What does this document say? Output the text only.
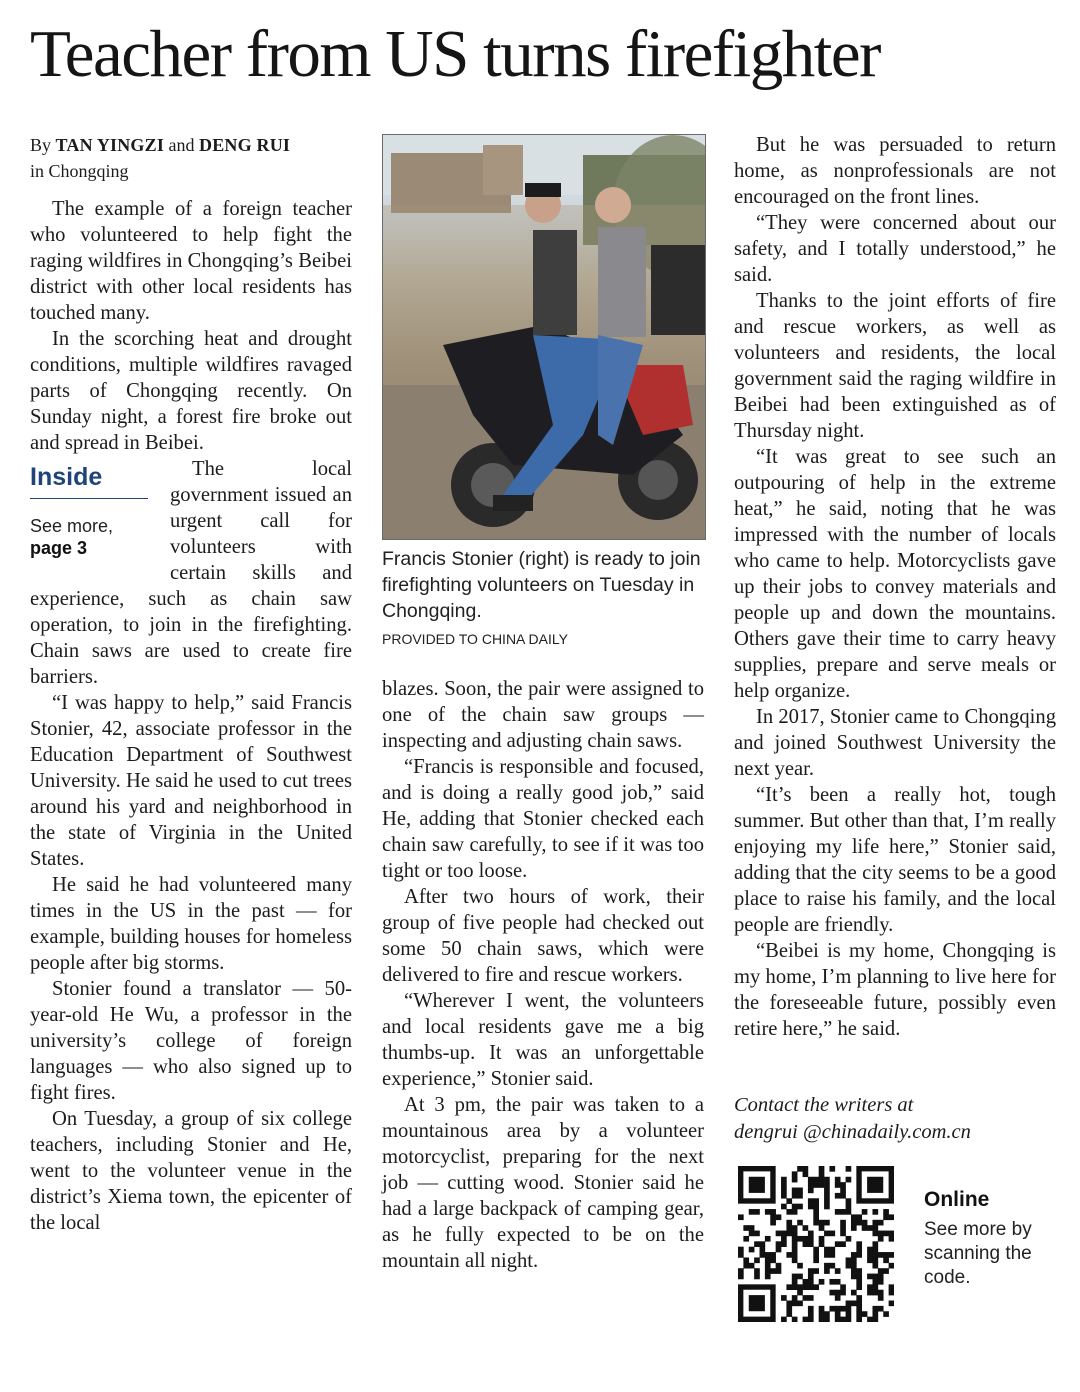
Teacher from US turns firefighter
By TAN YINGZI and DENG RUI
in Chongqing

The example of a foreign teacher who volunteered to help fight the raging wildfires in Chongqing’s Beibei district with other local residents has touched many.

In the scorching heat and drought conditions, multiple wildfires ravaged parts of Chongqing recently. On Sunday night, a forest fire broke out and spread in Beibei.

Inside
See more,
page 3

The local government issued an urgent call for volunteers with certain skills and experience, such as chain saw operation, to join in the firefighting. Chain saws are used to create fire barriers.

“I was happy to help,” said Francis Stonier, 42, associate professor in the Education Department of Southwest University. He said he used to cut trees around his yard and neighborhood in the state of Virginia in the United States.

He said he had volunteered many times in the US in the past — for example, building houses for homeless people after big storms.

Stonier found a translator — 50-year-old He Wu, a professor in the university’s college of foreign languages — who also signed up to fight fires.

On Tuesday, a group of six college teachers, including Stonier and He, went to the volunteer venue in the district’s Xiema town, the epicenter of the local

Francis Stonier (right) is ready to join firefighting volunteers on Tuesday in Chongqing.
PROVIDED TO CHINA DAILY

blazes. Soon, the pair were assigned to one of the chain saw groups — inspecting and adjusting chain saws.

“Francis is responsible and focused, and is doing a really good job,” said He, adding that Stonier checked each chain saw carefully, to see if it was too tight or too loose.

After two hours of work, their group of five people had checked out some 50 chain saws, which were delivered to fire and rescue workers.

“Wherever I went, the volunteers and local residents gave me a big thumbs-up. It was an unforgettable experience,” Stonier said.

At 3 pm, the pair was taken to a mountainous area by a volunteer motorcyclist, preparing for the next job — cutting wood. Stonier said he had a large backpack of camping gear, as he fully expected to be on the mountain all night.

But he was persuaded to return home, as nonprofessionals are not encouraged on the front lines.

“They were concerned about our safety, and I totally understood,” he said.

Thanks to the joint efforts of fire and rescue workers, as well as volunteers and residents, the local government said the raging wildfire in Beibei had been extinguished as of Thursday night.

“It was great to see such an outpouring of help in the extreme heat,” he said, noting that he was impressed with the number of locals who came to help. Motorcyclists gave up their jobs to convey materials and people up and down the mountains. Others gave their time to carry heavy supplies, prepare and serve meals or help organize.

In 2017, Stonier came to Chongqing and joined Southwest University the next year.

“It’s been a really hot, tough summer. But other than that, I’m really enjoying my life here,” Stonier said, adding that the city seems to be a good place to raise his family, and the local people are friendly.

“Beibei is my home, Chongqing is my home, I’m planning to live here for the foreseeable future, possibly even retire here,” he said.

Contact the writers at
dengrui @chinadaily.com.cn
Online
See more by scanning the code.
